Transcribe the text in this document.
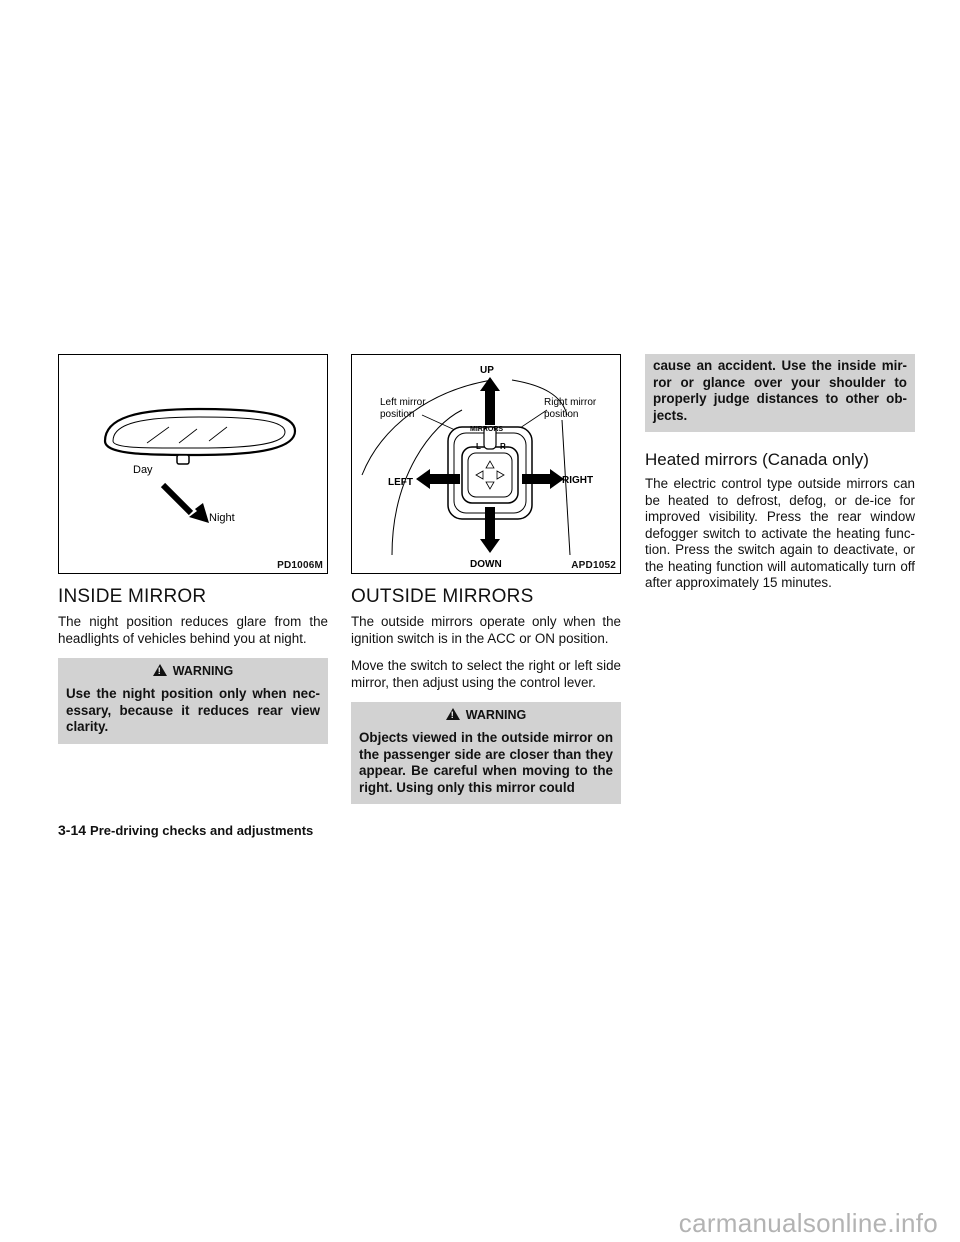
Day
Night
PD1006M
INSIDE MIRROR

The night position reduces glare from the headlights of vehicles behind you at night.

!WARNING
Use the night position only when nec-essary, because it reduces rear view clarity.
UP
DOWN
LEFT	RIGHT
MIRRORS
L R
Left mirror
position
Right mirror
position
APD1052
OUTSIDE MIRRORS

The outside mirrors operate only when the ignition switch is in the ACC or ON position.

Move the switch to select the right or left side mirror, then adjust using the control lever.

!WARNING
Objects viewed in the outside mirror on the passenger side are closer than they appear. Be careful when moving to the right. Using only this mirror could
cause an accident. Use the inside mir-ror or glance over your shoulder to properly judge distances to other ob-jects.
Heated mirrors (Canada only)

The electric control type outside mirrors can be heated to defrost, defog, or de-ice for improved visibility. Press the rear window defogger switch to activate the heating func-tion. Press the switch again to deactivate, or the heating function will automatically turn off after approximately 15 minutes.

3-14 Pre-driving checks and adjustments
carmanualsonline.info
